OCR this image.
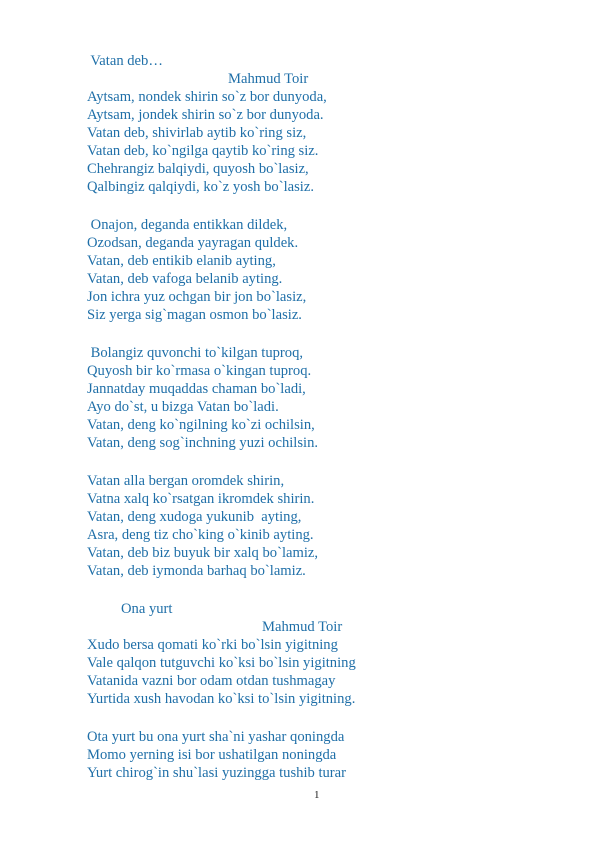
Vatan deb…
Mahmud Toir
Aytsam, nondek shirin so`z bor dunyoda,
Aytsam, jondek shirin so`z bor dunyoda.
Vatan deb, shivirlab aytib ko`ring siz,
Vatan deb, ko`ngilga qaytib ko`ring siz.
Chehrangiz balqiydi, quyosh bo`lasiz,
Qalbingiz qalqiydi, ko`z yosh bo`lasiz.
Onajon, deganda entikkan dildek,
Ozodsan, deganda yayragan quldek.
Vatan, deb entikib elanib ayting,
Vatan, deb vafoga belanib ayting.
Jon ichra yuz ochgan bir jon bo`lasiz,
Siz yerga sig`magan osmon bo`lasiz.
Bolangiz quvonchi to`kilgan tuproq,
Quyosh bir ko`rmasa o`kingan tuproq.
Jannatday muqaddas chaman bo`ladi,
Ayo do`st, u bizga Vatan bo`ladi.
Vatan, deng ko`ngilning ko`zi ochilsin,
Vatan, deng sog`inchning yuzi ochilsin.
Vatan alla bergan oromdek shirin,
Vatna xalq ko`rsatgan ikromdek shirin.
Vatan, deng xudoga yukunib  ayting,
Asra, deng tiz cho`king o`kinib ayting.
Vatan, deb biz buyuk bir xalq bo`lamiz,
Vatan, deb iymonda barhaq bo`lamiz.
Ona yurt
Mahmud Toir
Xudo bersa qomati ko`rki bo`lsin yigitning
Vale qalqon tutguvchi ko`ksi bo`lsin yigitning
Vatanida vazni bor odam otdan tushmagay
Yurtida xush havodan ko`ksi to`lsin yigitning.
Ota yurt bu ona yurt sha`ni yashar qoningda
Momo yerning isi bor ushatilgan noningda
Yurt chirog`in shu`lasi yuzingga tushib turar
1
